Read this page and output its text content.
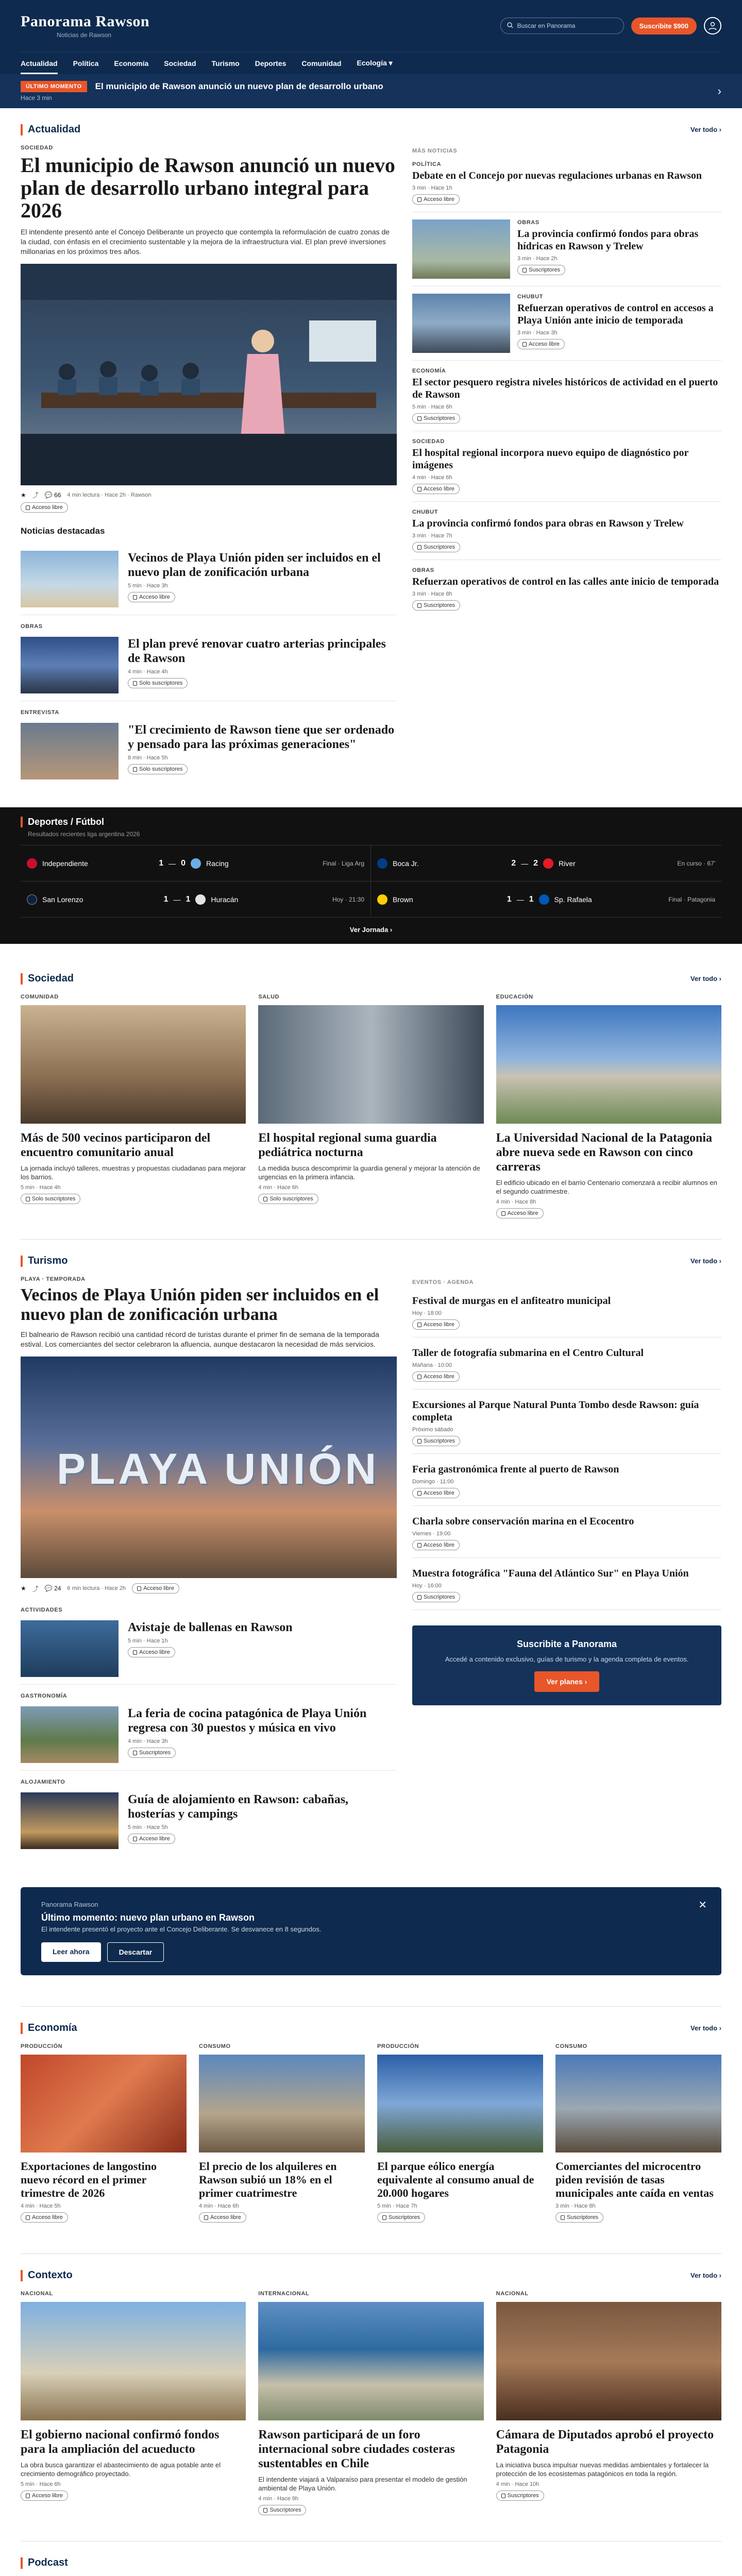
Panorama Rawson
Noticias de Rawson
Buscar en Panorama	Suscribite $900
Actualidad Política Economía Sociedad Turismo Deportes Comunidad Ecología ▾
ÚLTIMO MOMENTO	El municipio de Rawson anunció un nuevo plan de desarrollo urbano
Hace 3 min
›
Actualidad	Ver todo ›
SOCIEDAD
El municipio de Rawson anunció un nuevo plan de desarrollo urbano integral para 2026

El intendente presentó ante el Concejo Deliberante un proyecto que contempla la reformulación de cuatro zonas de la ciudad, con énfasis en el crecimiento sustentable y la mejora de la infraestructura vial. El plan prevé inversiones millonarias en los próximos tres años.

★ ⤴ 💬 66 4 min lectura · Hace 2h · Rawson
Acceso libre
Noticias destacadas
Vecinos de Playa Unión piden ser incluidos en el nuevo plan de zonificación urbana
5 min · Hace 3h
Acceso libre
OBRAS
El plan prevé renovar cuatro arterias principales de Rawson
4 min · Hace 4h
Solo suscriptores
ENTREVISTA
"El crecimiento de Rawson tiene que ser ordenado y pensado para las próximas generaciones"
8 min · Hace 5h
Solo suscriptores
MÁS NOTICIAS
POLÍTICA
Debate en el Concejo por nuevas regulaciones urbanas en Rawson
3 min · Hace 1h
Acceso libre
OBRAS
La provincia confirmó fondos para obras hídricas en Rawson y Trelew
3 min · Hace 2h
Suscriptores
CHUBUT
Refuerzan operativos de control en accesos a Playa Unión ante inicio de temporada
3 min · Hace 3h
Acceso libre
ECONOMÍA
El sector pesquero registra niveles históricos de actividad en el puerto de Rawson
5 min · Hace 6h
Suscriptores
SOCIEDAD
El hospital regional incorpora nuevo equipo de diagnóstico por imágenes
4 min · Hace 6h
Acceso libre
CHUBUT
La provincia confirmó fondos para obras en Rawson y Trelew
3 min · Hace 7h
Suscriptores
OBRAS
Refuerzan operativos de control en las calles ante inicio de temporada
3 min · Hace 8h
Suscriptores
Deportes / Fútbol
Resultados recientes liga argentina 2026
Independiente	1 — 0	Racing	Final · Liga Arg	Boca Jr.	2 — 2	River	En curso · 67'
San Lorenzo	1 — 1	Huracán	Hoy · 21:30	Brown	1 — 1	Sp. Rafaela	Final · Patagonia
Ver Jornada ›
Sociedad	Ver todo ›
COMUNIDAD
Más de 500 vecinos participaron del encuentro comunitario anual

La jornada incluyó talleres, muestras y propuestas ciudadanas para mejorar los barrios.

5 min · Hace 4h
Solo suscriptores
SALUD
El hospital regional suma guardia pediátrica nocturna

La medida busca descomprimir la guardia general y mejorar la atención de urgencias en la primera infancia.

4 min · Hace 6h
Solo suscriptores
EDUCACIÓN
La Universidad Nacional de la Patagonia abre nueva sede en Rawson con cinco carreras

El edificio ubicado en el barrio Centenario comenzará a recibir alumnos en el segundo cuatrimestre.

4 min · Hace 8h
Acceso libre
Turismo	Ver todo ›
PLAYA · TEMPORADA
Vecinos de Playa Unión piden ser incluidos en el nuevo plan de zonificación urbana

El balneario de Rawson recibió una cantidad récord de turistas durante el primer fin de semana de la temporada estival. Los comerciantes del sector celebraron la afluencia, aunque destacaron la necesidad de más servicios.

PLAYA UNIÓN
★ ⤴ 💬 24 6 min lectura · Hace 2h	Acceso libre
ACTIVIDADES
Avistaje de ballenas en Rawson
5 min · Hace 1h
Acceso libre
GASTRONOMÍA
La feria de cocina patagónica de Playa Unión regresa con 30 puestos y música en vivo
4 min · Hace 3h
Suscriptores
ALOJAMIENTO
Guía de alojamiento en Rawson: cabañas, hosterías y campings
5 min · Hace 5h
Acceso libre
EVENTOS · AGENDA
Festival de murgas en el anfiteatro municipal
Hoy · 18:00
Acceso libre
Taller de fotografía submarina en el Centro Cultural
Mañana · 10:00
Acceso libre
Excursiones al Parque Natural Punta Tombo desde Rawson: guía completa
Próximo sábado
Suscriptores
Feria gastronómica frente al puerto de Rawson
Domingo · 11:00
Acceso libre
Charla sobre conservación marina en el Ecocentro
Viernes · 19:00
Acceso libre
Muestra fotográfica "Fauna del Atlántico Sur" en Playa Unión
Hoy · 16:00
Suscriptores
Suscribite a Panorama

Accedé a contenido exclusivo, guías de turismo y la agenda completa de eventos.

Ver planes ›
Panorama Rawson
Último momento: nuevo plan urbano en Rawson
El intendente presentó el proyecto ante el Concejo Deliberante. Se desvanece en 8 segundos.
Leer ahora	Descartar
✕
Economía	Ver todo ›
PRODUCCIÓN
Exportaciones de langostino nuevo récord en el primer trimestre de 2026
4 min · Hace 5h
Acceso libre
CONSUMO
El precio de los alquileres en Rawson subió un 18% en el primer cuatrimestre
4 min · Hace 6h
Acceso libre
PRODUCCIÓN
El parque eólico energía equivalente al consumo anual de 20.000 hogares
5 min · Hace 7h
Suscriptores
CONSUMO
Comerciantes del microcentro piden revisión de tasas municipales ante caída en ventas
3 min · Hace 8h
Suscriptores
Contexto	Ver todo ›
NACIONAL
El gobierno nacional confirmó fondos para la ampliación del acueducto

La obra busca garantizar el abastecimiento de agua potable ante el crecimiento demográfico proyectado.

5 min · Hace 6h
Acceso libre
INTERNACIONAL
Rawson participará de un foro internacional sobre ciudades costeras sustentables en Chile

El intendente viajará a Valparaíso para presentar el modelo de gestión ambiental de Playa Unión.

4 min · Hace 9h
Suscriptores
NACIONAL
Cámara de Diputados aprobó el proyecto Patagonia

La iniciativa busca impulsar nuevas medidas ambientales y fortalecer la protección de los ecosistemas patagónicos en toda la región.

4 min · Hace 10h
Suscriptores
Podcast
